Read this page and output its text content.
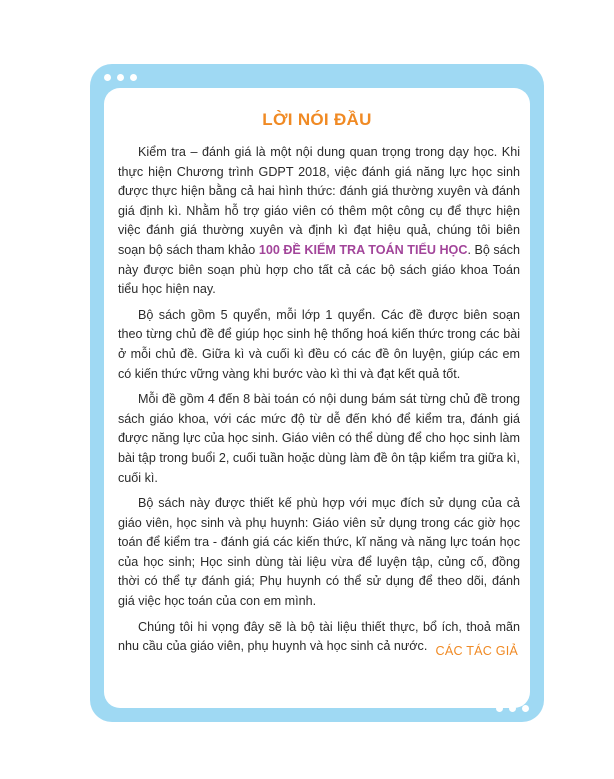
LỜI NÓI ĐẦU

Kiểm tra – đánh giá là một nội dung quan trọng trong dạy học. Khi thực hiện Chương trình GDPT 2018, việc đánh giá năng lực học sinh được thực hiện bằng cả hai hình thức: đánh giá thường xuyên và đánh giá định kì. Nhằm hỗ trợ giáo viên có thêm một công cụ để thực hiện việc đánh giá thường xuyên và định kì đạt hiệu quả, chúng tôi biên soạn bộ sách tham khảo 100 ĐỀ KIỂM TRA TOÁN TIỂU HỌC. Bộ sách này được biên soạn phù hợp cho tất cả các bộ sách giáo khoa Toán tiểu học hiện nay.

Bộ sách gồm 5 quyển, mỗi lớp 1 quyển. Các đề được biên soạn theo từng chủ đề để giúp học sinh hệ thống hoá kiến thức trong các bài ở mỗi chủ đề. Giữa kì và cuối kì đều có các đề ôn luyện, giúp các em có kiến thức vững vàng khi bước vào kì thi và đạt kết quả tốt.

Mỗi đề gồm 4 đến 8 bài toán có nội dung bám sát từng chủ đề trong sách giáo khoa, với các mức độ từ dễ đến khó để kiểm tra, đánh giá được năng lực của học sinh. Giáo viên có thể dùng để cho học sinh làm bài tập trong buổi 2, cuối tuần hoặc dùng làm đề ôn tập kiểm tra giữa kì, cuối kì.

Bộ sách này được thiết kế phù hợp với mục đích sử dụng của cả giáo viên, học sinh và phụ huynh: Giáo viên sử dụng trong các giờ học toán để kiểm tra - đánh giá các kiến thức, kĩ năng và năng lực toán học của học sinh; Học sinh dùng tài liệu vừa để luyện tập, củng cố, đồng thời có thể tự đánh giá; Phụ huynh có thể sử dụng để theo dõi, đánh giá việc học toán của con em mình.

Chúng tôi hi vọng đây sẽ là bộ tài liệu thiết thực, bổ ích, thoả mãn nhu cầu của giáo viên, phụ huynh và học sinh cả nước. CÁC TÁC GIẢ
